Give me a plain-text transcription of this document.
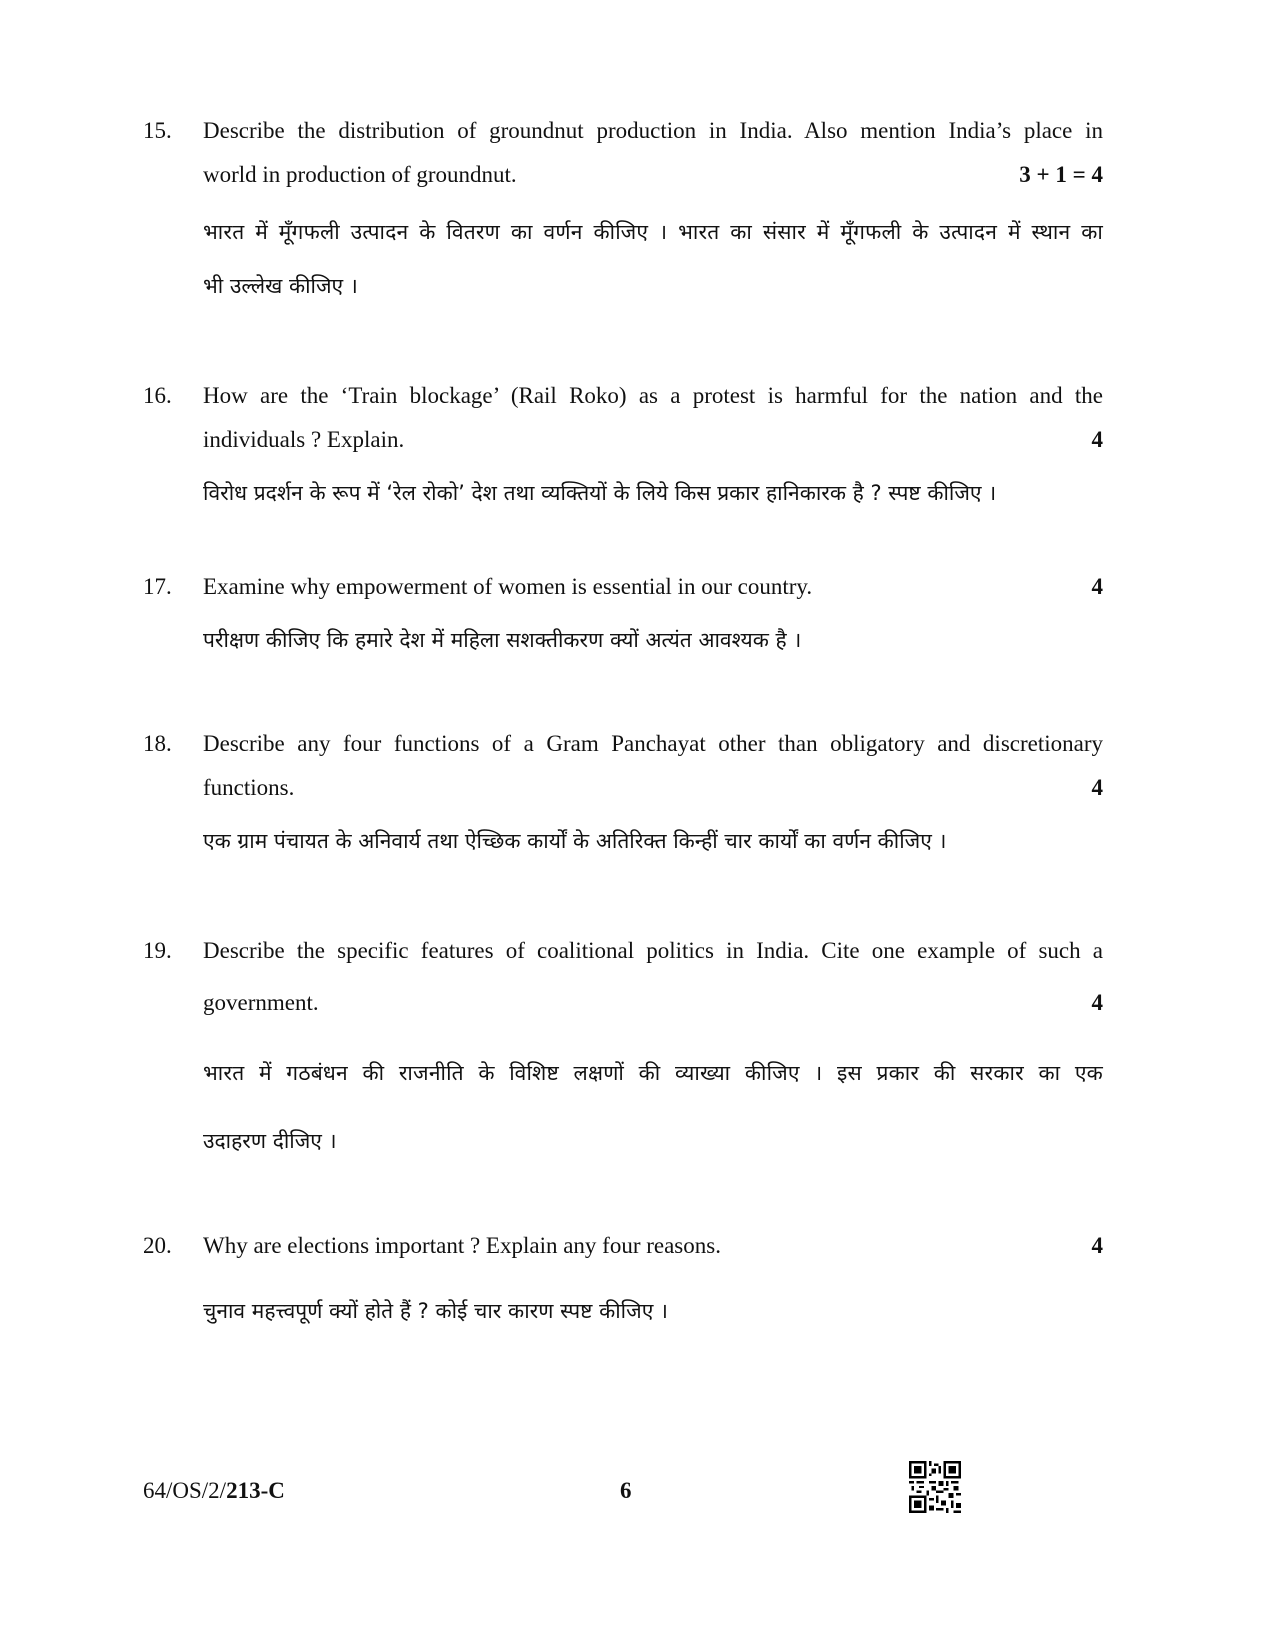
15. Describe the distribution of groundnut production in India. Also mention India’s place in
world in production of groundnut.	3 + 1 = 4
भारत में मूँगफली उत्पादन के वितरण का वर्णन कीजिए । भारत का संसार में मूँगफली के उत्पादन में स्थान का
भी उल्लेख कीजिए ।
16. How are the ‘Train blockage’ (Rail Roko) as a protest is harmful for the nation and the
individuals ? Explain.	4
विरोध प्रदर्शन के रूप में ‘रेल रोको’ देश तथा व्यक्तियों के लिये किस प्रकार हानिकारक है ? स्पष्ट कीजिए ।
17. Examine why empowerment of women is essential in our country.	4
परीक्षण कीजिए कि हमारे देश में महिला सशक्तीकरण क्यों अत्यंत आवश्यक है ।
18. Describe any four functions of a Gram Panchayat other than obligatory and discretionary
functions.	4
एक ग्राम पंचायत के अनिवार्य तथा ऐच्छिक कार्यों के अतिरिक्त किन्हीं चार कार्यों का वर्णन कीजिए ।
19. Describe the specific features of coalitional politics in India. Cite one example of such a
government.	4
भारत में गठबंधन की राजनीति के विशिष्ट लक्षणों की व्याख्या कीजिए । इस प्रकार की सरकार का एक
उदाहरण दीजिए ।
20. Why are elections important ? Explain any four reasons.	4
चुनाव महत्त्वपूर्ण क्यों होते हैं ? कोई चार कारण स्पष्ट कीजिए ।
64/OS/2/213-C	6
